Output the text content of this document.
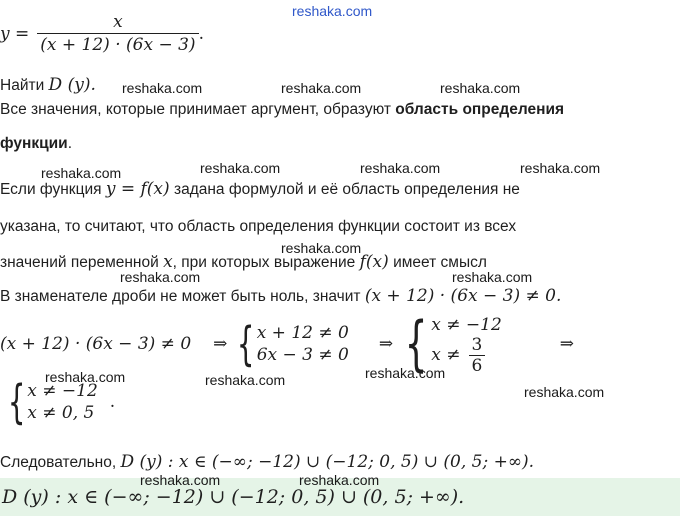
reshaka.com
reshaka.com	reshaka.com	reshaka.com
reshaka.com	reshaka.com	reshaka.com	reshaka.com
reshaka.com
reshaka.com	reshaka.com
reshaka.com	reshaka.com	reshaka.com
reshaka.com
reshaka.com	reshaka.com
$y = \frac{x}{(x + 12) \cdot (6x - 3)}$ .
Найти D (y).
Все значения, которые принимает аргумент, образуют область определения
функции.
Если функция y = f(x) задана формулой и её область определения не
указана, то считают, что область определения функции состоит из всех
значений переменной x, при которых выражение f(x) имеет смысл
В знаменателе дроби не может быть ноль, значит (x + 12) · (6x − 3) ≠ 0.
(x + 12) · (6x − 3) ≠ 0 ⇒ { x + 12 ≠ 0
6x − 3 ≠ 0
⇒ { x ≠ −12
$x \ne \frac{3}{6}$	⇒
{ x ≠ −12
x ≠ 0, 5
.
Следовательно, D (y) : x ∈ (−∞; −12) ∪ (−12; 0, 5) ∪ (0, 5; +∞).
D (y) : x ∈ (−∞; −12) ∪ (−12; 0, 5) ∪ (0, 5; +∞).
